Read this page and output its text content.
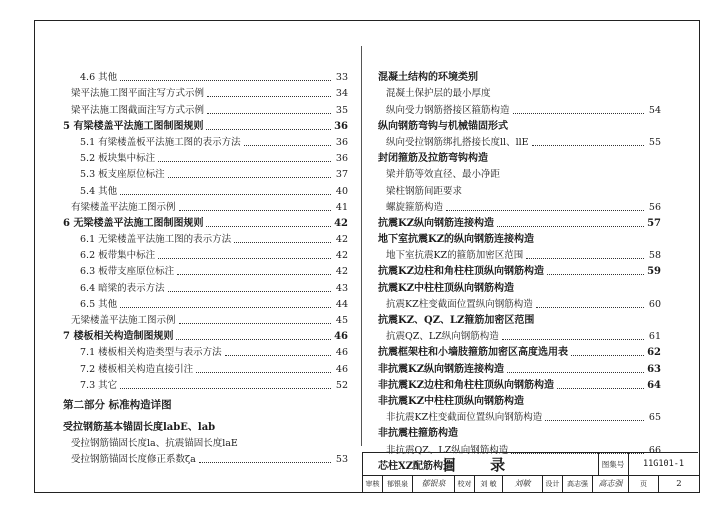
4.6 其他	33
梁平法施工图平面注写方式示例	34
梁平法施工图截面注写方式示例	35
5 有梁楼盖平法施工图制图规则	36
5.1 有梁楼盖板平法施工图的表示方法	36
5.2 板块集中标注	36
5.3 板支座原位标注	37
5.4 其他	40
有梁楼盖平法施工图示例	41
6 无梁楼盖平法施工图制图规则	42
6.1 无梁楼盖平法施工图的表示方法	42
6.2 板带集中标注	42
6.3 板带支座原位标注	42
6.4 暗梁的表示方法	43
6.5 其他	44
无梁楼盖平法施工图示例	45
7 楼板相关构造制图规则	46
7.1 楼板相关构造类型与表示方法	46
7.2 楼板相关构造直接引注	46
7.3 其它	52
第二部分 标准构造详图
受拉钢筋基本锚固长度labE、lab
受拉钢筋锚固长度la、抗震锚固长度laE
受拉钢筋锚固长度修正系数ζa	53
混凝土结构的环境类别
混凝土保护层的最小厚度
纵向受力钢筋搭接区箍筋构造	54
纵向钢筋弯钩与机械锚固形式
纵向受拉钢筋绑扎搭接长度ll、llE	55
封闭箍筋及拉筋弯钩构造
梁并筋等效直径、最小净距
梁柱钢筋间距要求
螺旋箍筋构造	56
抗震KZ纵向钢筋连接构造	57
地下室抗震KZ的纵向钢筋连接构造
地下室抗震KZ的箍筋加密区范围	58
抗震KZ边柱和角柱柱顶纵向钢筋构造	59
抗震KZ中柱柱顶纵向钢筋构造
抗震KZ柱变截面位置纵向钢筋构造	60
抗震KZ、QZ、LZ箍筋加密区范围
抗震QZ、LZ纵向钢筋构造	61
抗震框架柱和小墙肢箍筋加密区高度选用表	62
非抗震KZ纵向钢筋连接构造	63
非抗震KZ边柱和角柱柱顶纵向钢筋构造	64
非抗震KZ中柱柱顶纵向钢筋构造
非抗震KZ柱变截面位置纵向钢筋构造	65
非抗震柱箍筋构造
非抗震QZ、LZ纵向钢筋构造	66
芯柱XZ配筋构造
目 录	图集号	11G101-1
审核	郁银泉	郁银泉	校对	刘 敏	刘敏	设计	高志强	高志强	页	2
